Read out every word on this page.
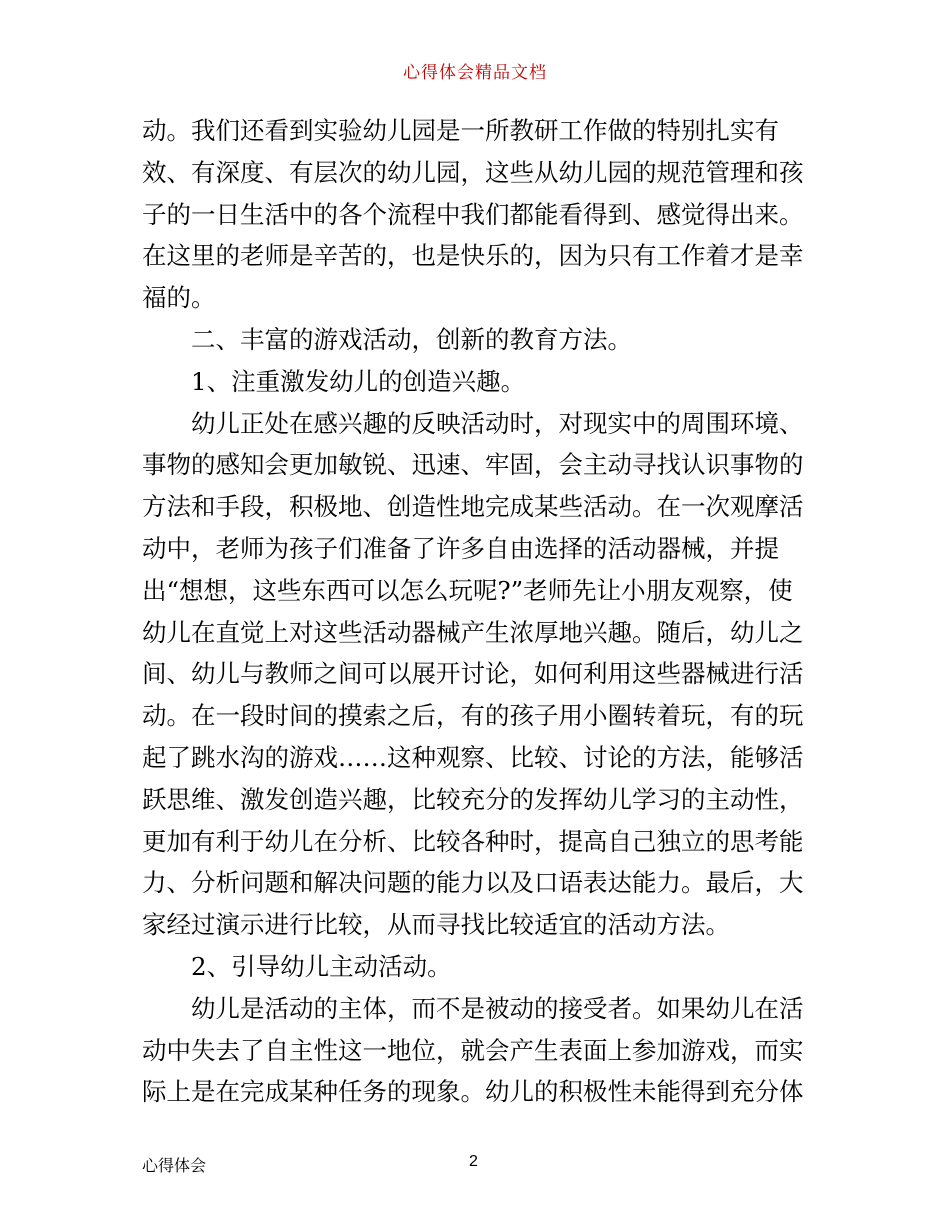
心得体会精品文档

动。我们还看到实验幼儿园是一所教研工作做的特别扎实有效、有深度、有层次的幼儿园，这些从幼儿园的规范管理和孩子的一日生活中的各个流程中我们都能看得到、感觉得出来。在这里的老师是辛苦的，也是快乐的，因为只有工作着才是幸福的。

二、丰富的游戏活动，创新的教育方法。

1、注重激发幼儿的创造兴趣。

幼儿正处在感兴趣的反映活动时，对现实中的周围环境、事物的感知会更加敏锐、迅速、牢固，会主动寻找认识事物的方法和手段，积极地、创造性地完成某些活动。在一次观摩活动中，老师为孩子们准备了许多自由选择的活动器械，并提出“想想，这些东西可以怎么玩呢?”老师先让小朋友观察，使幼儿在直觉上对这些活动器械产生浓厚地兴趣。随后，幼儿之间、幼儿与教师之间可以展开讨论，如何利用这些器械进行活动。在一段时间的摸索之后，有的孩子用小圈转着玩，有的玩起了跳水沟的游戏……这种观察、比较、讨论的方法，能够活跃思维、激发创造兴趣，比较充分的发挥幼儿学习的主动性，更加有利于幼儿在分析、比较各种时，提高自己独立的思考能力、分析问题和解决问题的能力以及口语表达能力。最后，大家经过演示进行比较，从而寻找比较适宜的活动方法。

2、引导幼儿主动活动。

幼儿是活动的主体，而不是被动的接受者。如果幼儿在活动中失去了自主性这一地位，就会产生表面上参加游戏，而实际上是在完成某种任务的现象。幼儿的积极性未能得到充分体

心得体会	2
